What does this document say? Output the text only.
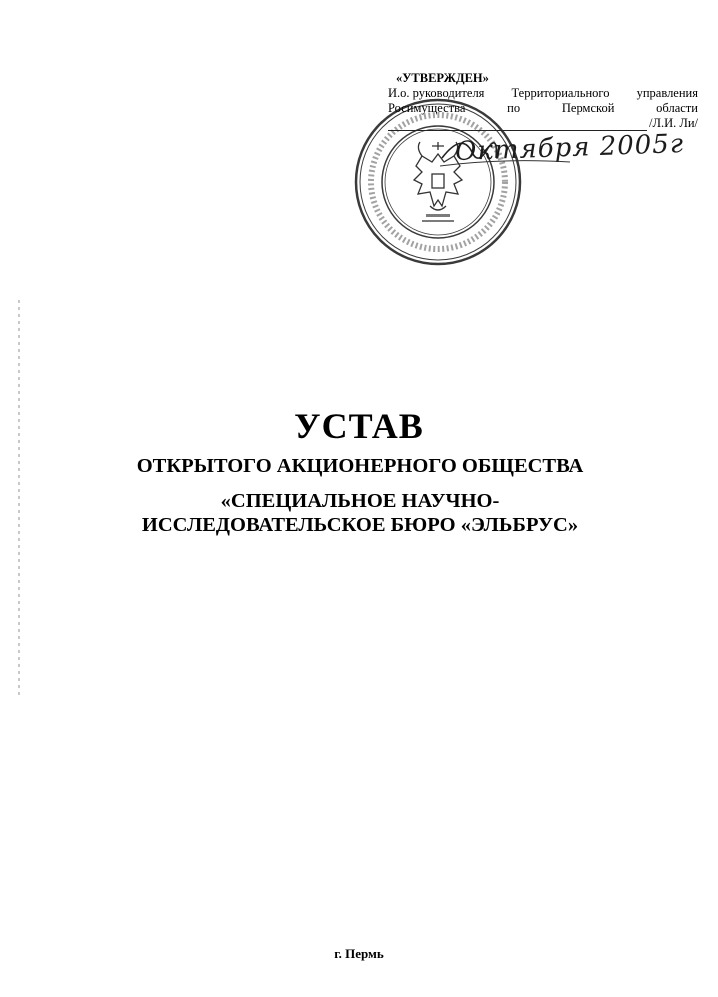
«УТВЕРЖДЕН»
И.о. руководителя Территориального управления
Росимущества	по	Пермской	области
/Л.И. Ли/
Октября 2005г
УСТАВ
ОТКРЫТОГО АКЦИОНЕРНОГО ОБЩЕСТВА
«СПЕЦИАЛЬНОЕ НАУЧНО-
ИССЛЕДОВАТЕЛЬСКОЕ БЮРО «ЭЛЬБРУС»
г. Пермь
